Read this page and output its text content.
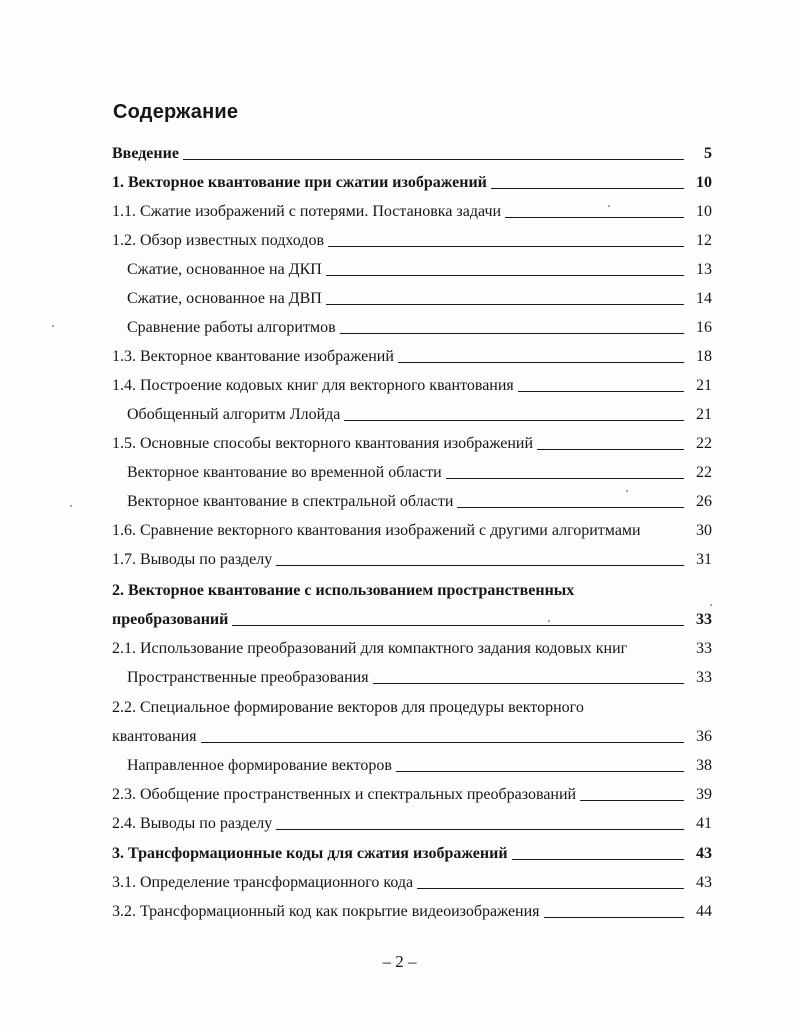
Содержание
Введение	5
1. Векторное квантование при сжатии изображений	10
1.1. Сжатие изображений с потерями. Постановка задачи	10
1.2. Обзор известных подходов	12
Сжатие, основанное на ДКП	13
Сжатие, основанное на ДВП	14
Сравнение работы алгоритмов	16
1.3. Векторное квантование изображений	18
1.4. Построение кодовых книг для векторного квантования	21
Обобщенный алгоритм Ллойда	21
1.5. Основные способы векторного квантования изображений	22
Векторное квантование во временной области	22
Векторное квантование в спектральной области	26
1.6. Сравнение векторного квантования изображений с другими алгоритмами	30
1.7. Выводы по разделу	31
2. Векторное квантование с использованием пространственных
преобразований	33
2.1. Использование преобразований для компактного задания кодовых книг	33
Пространственные преобразования	33
2.2. Специальное формирование векторов для процедуры векторного
квантования	36
Направленное формирование векторов	38
2.3. Обобщение пространственных и спектральных преобразований	39
2.4. Выводы по разделу	41
3. Трансформационные коды для сжатия изображений	43
3.1. Определение трансформационного кода	43
3.2. Трансформационный код как покрытие видеоизображения	44
– 2 –
